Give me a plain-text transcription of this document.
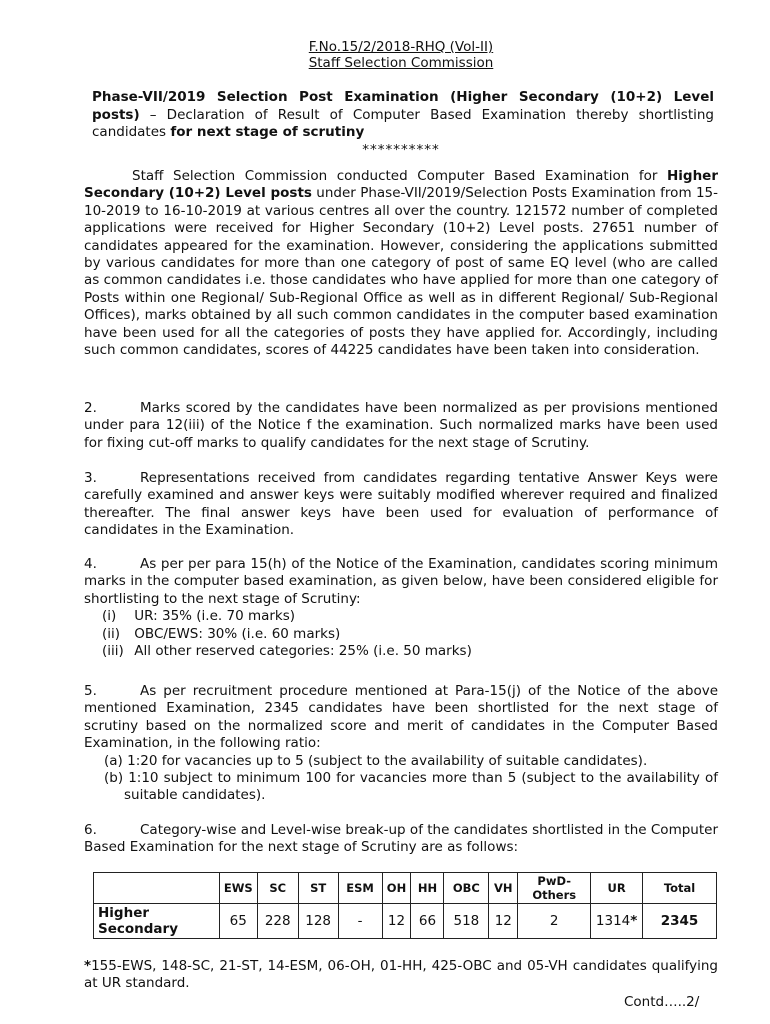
F.No.15/2/2018-RHQ (Vol-II)
Staff Selection Commission
Phase-VII/2019 Selection Post Examination (Higher Secondary (10+2) Level posts) – Declaration of Result of Computer Based Examination thereby shortlisting candidates for next stage of scrutiny
**********
Staff Selection Commission conducted Computer Based Examination for Higher Secondary (10+2) Level posts under Phase-VII/2019/Selection Posts Examination from 15-10-2019 to 16-10-2019 at various centres all over the country. 121572 number of completed applications were received for Higher Secondary (10+2) Level posts. 27651 number of candidates appeared for the examination. However, considering the applications submitted by various candidates for more than one category of post of same EQ level (who are called as common candidates i.e. those candidates who have applied for more than one category of Posts within one Regional/ Sub-Regional Office as well as in different Regional/ Sub-Regional Offices), marks obtained by all such common candidates in the computer based examination have been used for all the categories of posts they have applied for. Accordingly, including such common candidates, scores of 44225 candidates have been taken into consideration.
2.	Marks scored by the candidates have been normalized as per provisions mentioned under para 12(iii) of the Notice f the examination. Such normalized marks have been used for fixing cut-off marks to qualify candidates for the next stage of Scrutiny.
3.	Representations received from candidates regarding tentative Answer Keys were carefully examined and answer keys were suitably modified wherever required and finalized thereafter. The final answer keys have been used for evaluation of performance of candidates in the Examination.
4.	As per per para 15(h) of the Notice of the Examination, candidates scoring minimum marks in the computer based examination, as given below, have been considered eligible for shortlisting to the next stage of Scrutiny:
(i) UR: 35% (i.e. 70 marks)
(ii) OBC/EWS: 30% (i.e. 60 marks)
(iii) All other reserved categories: 25% (i.e. 50 marks)
5.	As per recruitment procedure mentioned at Para-15(j) of the Notice of the above mentioned Examination, 2345 candidates have been shortlisted for the next stage of scrutiny based on the normalized score and merit of candidates in the Computer Based Examination, in the following ratio:
(a) 1:20 for vacancies up to 5 (subject to the availability of suitable candidates).
(b) 1:10 subject to minimum 100 for vacancies more than 5 (subject to the availability of suitable candidates).
6.	Category-wise and Level-wise break-up of the candidates shortlisted in the Computer Based Examination for the next stage of Scrutiny are as follows:
	EWS	SC	ST	ESM	OH	HH	OBC	VH	PwD-Others	UR	Total
Higher
Secondary	65	228	128	-	12	66	518	12	2	1314*	2345
*155-EWS, 148-SC, 21-ST, 14-ESM, 06-OH, 01-HH, 425-OBC and 05-VH candidates qualifying at UR standard.
Contd…..2/
